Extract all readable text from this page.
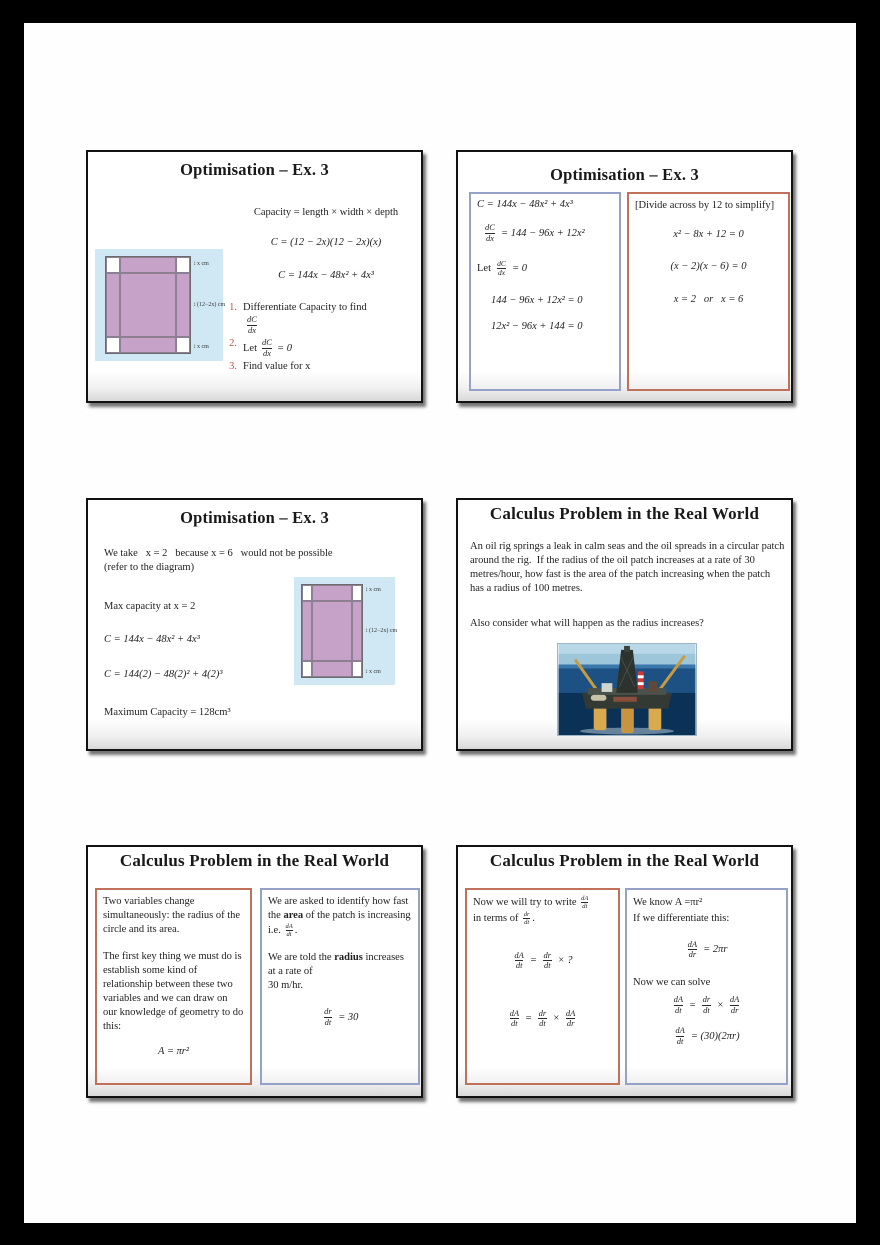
Optimisation – Ex. 3
Capacity = length × width × depth
C = (12 − 2x)(12 − 2x)(x)
C = 144x − 48x² + 4x³
1. Differentiate Capacity to find
dC
dx
2. Let $\frac{dC}{dx} = 0$
3. Find value for x
↕ x cm
↕ (12−2x) cm
↕ x cm
Optimisation – Ex. 3
C = 144x − 48x² + 4x³
$\frac{dC}{dx} = 144 - 96x + 12x^2$
Let $\frac{dC}{dx} = 0$
144 − 96x + 12x² = 0
12x² − 96x + 144 = 0
[Divide across by 12 to simplify]
x² − 8x + 12 = 0
(x − 2)(x − 6) = 0
x = 2   or   x = 6
Optimisation – Ex. 3
We take   x = 2   because x = 6   would not be possible (refer to the diagram)
Max capacity at x = 2
C = 144x − 48x² + 4x³
C = 144(2) − 48(2)² + 4(2)³
Maximum Capacity = 128cm³
↕ x cm
↕ (12−2x) cm
↕ x cm
Calculus Problem in the Real World
An oil rig springs a leak in calm seas and the oil spreads in a circular patch around the rig.  If the radius of the oil patch increases at a rate of 30 metres/hour, how fast is the area of the patch increasing when the patch has a radius of 100 metres.
Also consider what will happen as the radius increases?
Calculus Problem in the Real World
Two variables change simultaneously: the radius of the circle and its area.
The first key thing we must do is establish some kind of relationship between these two variables and we can draw on our knowledge of geometry to do this:
A = πr²
We are asked to identify how fast the area of the patch is increasing i.e. $\frac{dA}{dt}$ .
We are told the radius increases at a rate of
30 m/hr.
$\frac{dr}{dt} = 30$
Calculus Problem in the Real World
Now we will try to write $\frac{dA}{dt}$

in terms of $\frac{dr}{dt}$ .
$\frac{dA}{dt} = \frac{dr}{dt}$ × ?
$\frac{dA}{dt} = \frac{dr}{dt} \times \frac{dA}{dr}$
We know A =πr²
If we differentiate this:
$\frac{dA}{dr} = 2\pi r$
Now we can solve
$\frac{dA}{dt} = \frac{dr}{dt} \times \frac{dA}{dr}$
$\frac{dA}{dt} = (30)(2\pi r)$
